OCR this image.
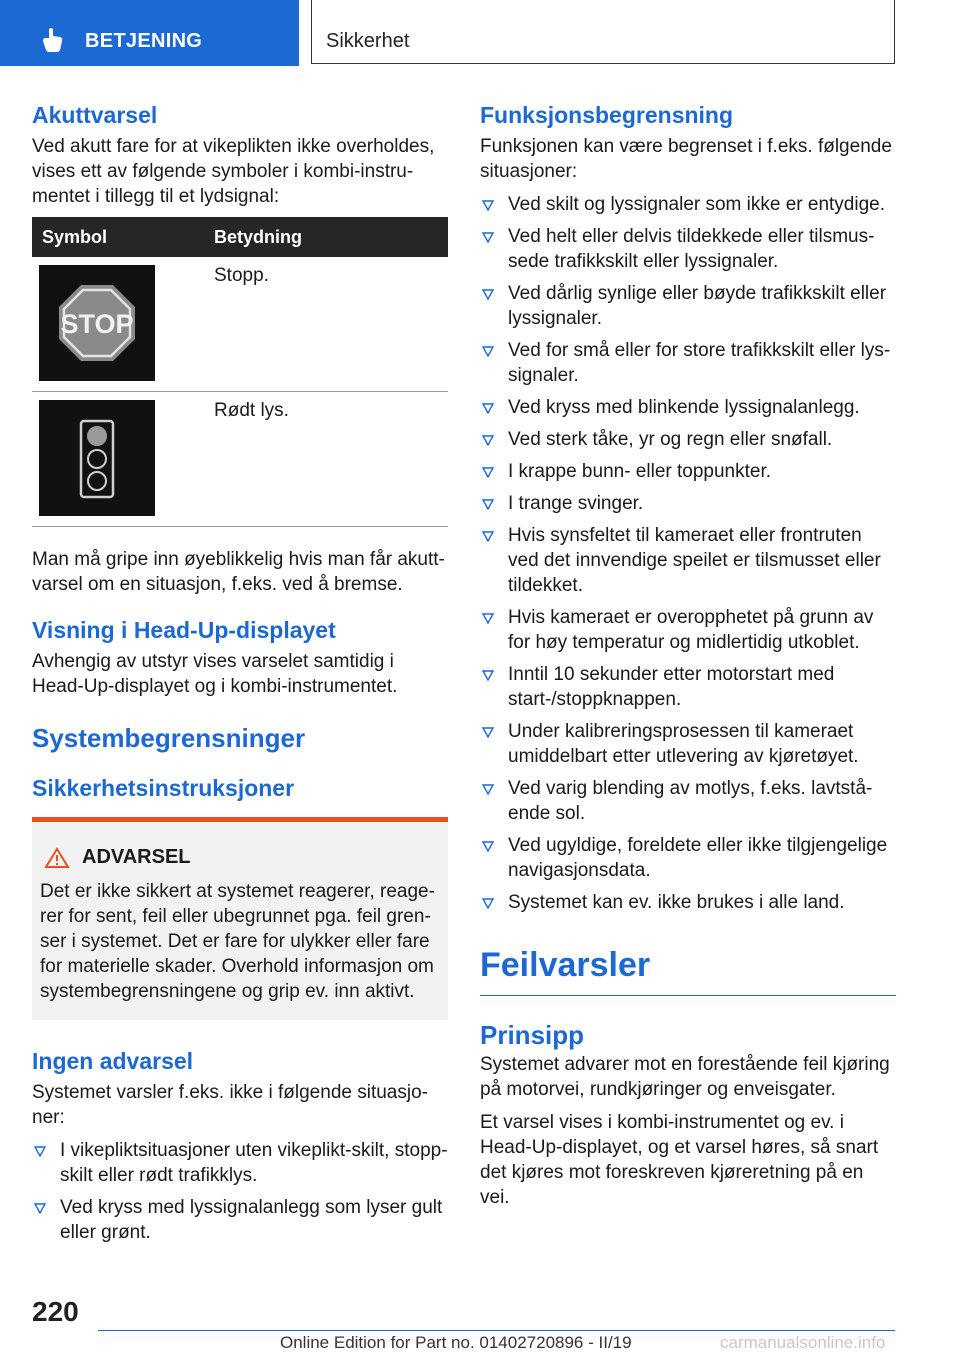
BETJENING	Sikkerhet
Akuttvarsel

Ved akutt fare for at vikeplikten ikke overholdes, vises ett av følgende symboler i kombi-instru-mentet i tillegg til et lydsignal:

Symbol	Betydning

STOP	Stopp.

	Rødt lys.

Man må gripe inn øyeblikkelig hvis man får akutt-varsel om en situasjon, f.eks. ved å bremse.

Visning i Head-Up-displayet

Avhengig av utstyr vises varselet samtidig i Head-Up-displayet og i kombi-instrumentet.

Systembegrensninger
Sikkerhetsinstruksjoner
ADVARSEL

Det er ikke sikkert at systemet reagerer, reage-rer for sent, feil eller ubegrunnet pga. feil gren-ser i systemet. Det er fare for ulykker eller fare for materielle skader. Overhold informasjon om systembegrensningene og grip ev. inn aktivt.

Ingen advarsel

Systemet varsler f.eks. ikke i følgende situasjo-ner:

I vikepliktsituasjoner uten vikeplikt-skilt, stopp-skilt eller rødt trafikklys.
Ved kryss med lyssignalanlegg som lyser gult eller grønt.
Funksjonsbegrensning

Funksjonen kan være begrenset i f.eks. følgende situasjoner:

Ved skilt og lyssignaler som ikke er entydige.
Ved helt eller delvis tildekkede eller tilsmus-sede trafikkskilt eller lyssignaler.
Ved dårlig synlige eller bøyde trafikkskilt eller lyssignaler.
Ved for små eller for store trafikkskilt eller lys-signaler.
Ved kryss med blinkende lyssignalanlegg.
Ved sterk tåke, yr og regn eller snøfall.
I krappe bunn- eller toppunkter.
I trange svinger.
Hvis synsfeltet til kameraet eller frontruten ved det innvendige speilet er tilsmusset eller tildekket.
Hvis kameraet er overopphetet på grunn av for høy temperatur og midlertidig utkoblet.
Inntil 10 sekunder etter motorstart med start-/stoppknappen.
Under kalibreringsprosessen til kameraet umiddelbart etter utlevering av kjøretøyet.
Ved varig blending av motlys, f.eks. lavtstå-ende sol.
Ved ugyldige, foreldete eller ikke tilgjengelige navigasjonsdata.
Systemet kan ev. ikke brukes i alle land.
Feilvarsler
Prinsipp

Systemet advarer mot en forestående feil kjøring på motorvei, rundkjøringer og enveisgater.

Et varsel vises i kombi-instrumentet og ev. i Head-Up-displayet, og et varsel høres, så snart det kjøres mot foreskreven kjøreretning på en vei.

220
Online Edition for Part no. 01402720896 - II/19	carmanualsonline.info
